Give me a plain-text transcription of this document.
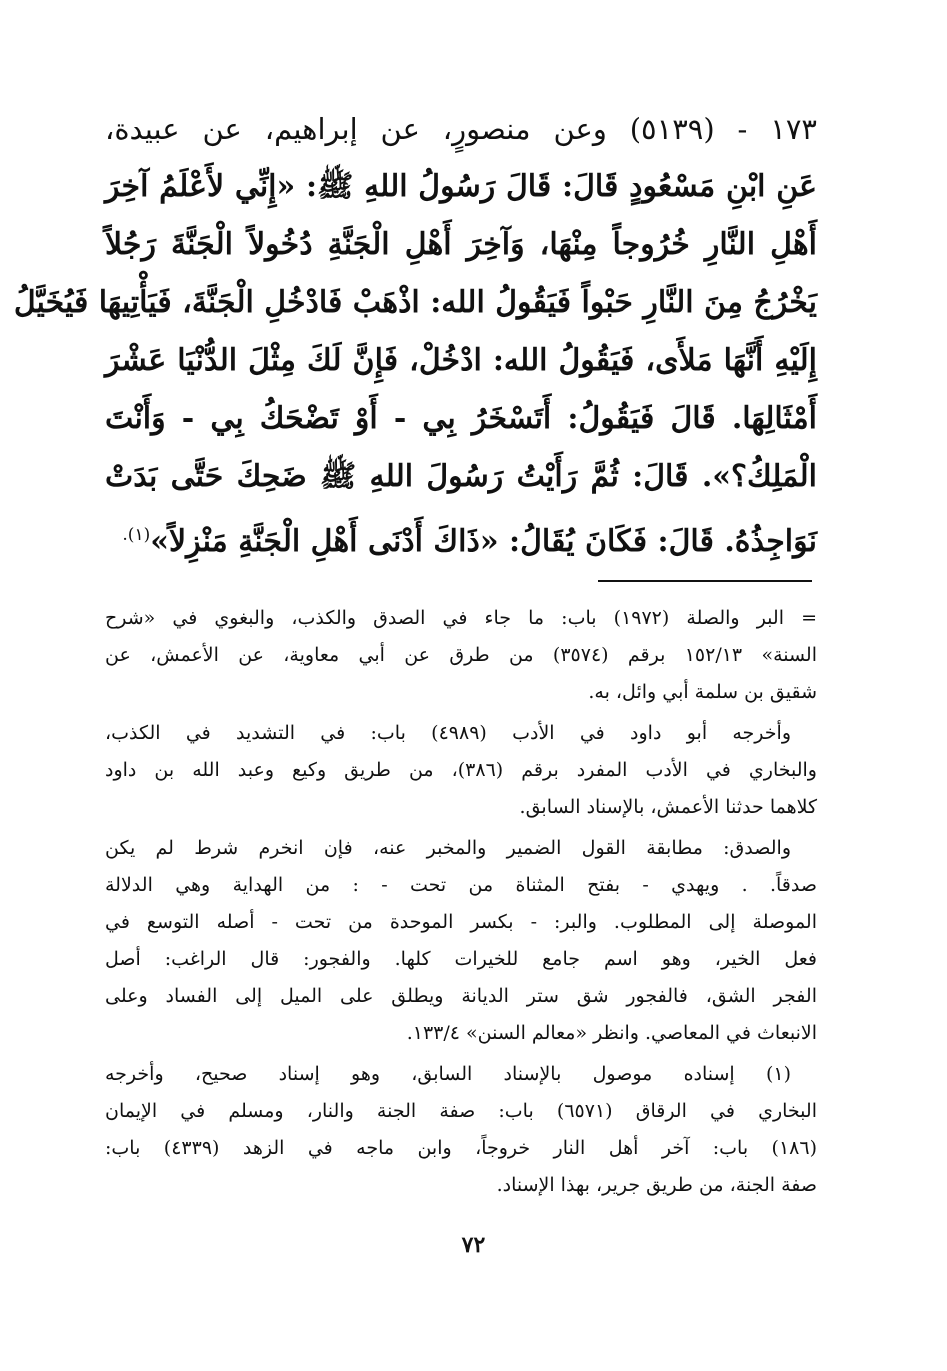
١٧٣ - (٥١٣٩) وعن منصورٍ، عن إبراهيم، عن عبيدة،
عَنِ ابْنِ مَسْعُودٍ قَالَ: قَالَ رَسُولُ اللهِ ﷺ: «إِنِّي لأَعْلَمُ آخِرَ
أَهْلِ النَّارِ خُرُوجاً مِنْهَا، وَآخِرَ أَهْلِ الْجَنَّةِ دُخُولاً الْجَنَّةَ رَجُلاً
يَخْرُجُ مِنَ النَّارِ حَبْواً فَيَقُولُ الله: اذْهَبْ فَادْخُلِ الْجَنَّةَ، فَيَأْتِيهَا فَيُخَيَّلُ
إِلَيْهِ أَنَّهَا مَلأَى، فَيَقُولُ الله: ادْخُلْ، فَإِنَّ لَكَ مِثْلَ الدُّنْيَا عَشْرَ
أَمْثَالِهَا. قَالَ فَيَقُولُ: أَتَسْخَرُ بِي - أَوْ تَضْحَكُ بِي - وَأَنْتَ
الْمَلِكُ؟». قَالَ: ثُمَّ رَأَيْتُ رَسُولَ اللهِ ﷺ ضَحِكَ حَتَّى بَدَتْ
نَوَاجِذُهُ. قَالَ: فَكَانَ يُقَالُ: «ذَاكَ أَدْنَى أَهْلِ الْجَنَّةِ مَنْزِلاً»$^{(١).}$
= البر والصلة (١٩٧٢) باب: ما جاء في الصدق والكذب، والبغوي في «شرح
السنة» ١٥٢/١٣ برقم (٣٥٧٤) من طرق عن أبي معاوية، عن الأعمش، عن
شقيق بن سلمة أبي وائل، به.
وأخرجه أبو داود في الأدب (٤٩٨٩) باب: في التشديد في الكذب،
والبخاري في الأدب المفرد برقم (٣٨٦)، من طريق وكيع وعبد الله بن داود
كلاهما حدثنا الأعمش، بالإسناد السابق.
والصدق: مطابقة القول الضمير والمخبر عنه، فإن انخرم شرط لم يكن
صدقاً. . ويهدي - بفتح المثناة من تحت - : من الهداية وهي الدلالة
الموصلة إلى المطلوب. والبر: - بكسر الموحدة من تحت - أصله التوسع في
فعل الخير، وهو اسم جامع للخيرات كلها. والفجور: قال الراغب: أصل
الفجر الشق، فالفجور شق ستر الديانة ويطلق على الميل إلى الفساد وعلى
الانبعاث في المعاصي. وانظر «معالم السنن» ١٣٣/٤.
(١) إسناده موصول بالإسناد السابق، وهو إسناد صحيح، وأخرجه
البخاري في الرقاق (٦٥٧١) باب: صفة الجنة والنار، ومسلم في الإيمان
(١٨٦) باب: آخر أهل النار خروجاً، وابن ماجه في الزهد (٤٣٣٩) باب:
صفة الجنة، من طريق جرير، بهذا الإسناد.
٧٢
